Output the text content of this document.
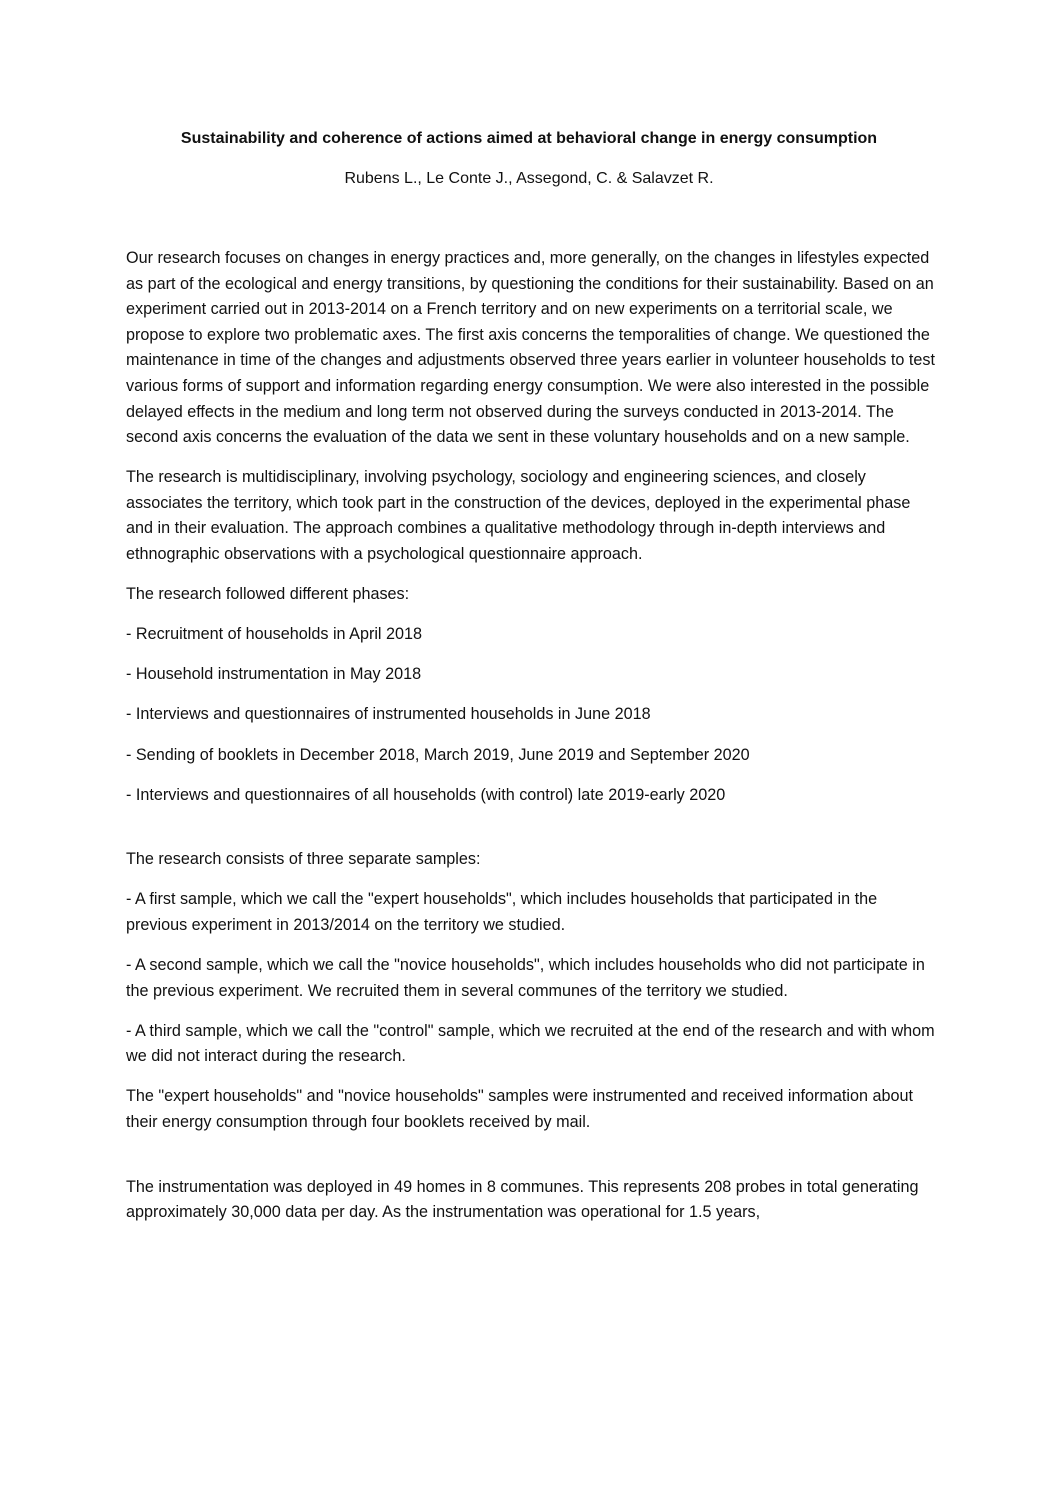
Sustainability and coherence of actions aimed at behavioral change in energy consumption

Rubens L., Le Conte J., Assegond, C. & Salavzet R.

Our research focuses on changes in energy practices and, more generally, on the changes in lifestyles expected as part of the ecological and energy transitions, by questioning the conditions for their sustainability. Based on an experiment carried out in 2013-2014 on a French territory and on new experiments on a territorial scale, we propose to explore two problematic axes. The first axis concerns the temporalities of change. We questioned the maintenance in time of the changes and adjustments observed three years earlier in volunteer households to test various forms of support and information regarding energy consumption. We were also interested in the possible delayed effects in the medium and long term not observed during the surveys conducted in 2013-2014. The second axis concerns the evaluation of the data we sent in these voluntary households and on a new sample.

The research is multidisciplinary, involving psychology, sociology and engineering sciences, and closely associates the territory, which took part in the construction of the devices, deployed in the experimental phase and in their evaluation. The approach combines a qualitative methodology through in-depth interviews and ethnographic observations with a psychological questionnaire approach.

The research followed different phases:

- Recruitment of households in April 2018

- Household instrumentation in May 2018

- Interviews and questionnaires of instrumented households in June 2018

- Sending of booklets in December 2018, March 2019, June 2019 and September 2020

- Interviews and questionnaires of all households (with control) late 2019-early 2020

The research consists of three separate samples:

- A first sample, which we call the "expert households", which includes households that participated in the previous experiment in 2013/2014 on the territory we studied.

- A second sample, which we call the "novice households", which includes households who did not participate in the previous experiment. We recruited them in several communes of the territory we studied.

- A third sample, which we call the "control" sample, which we recruited at the end of the research and with whom we did not interact during the research.

The "expert households" and "novice households" samples were instrumented and received information about their energy consumption through four booklets received by mail.

The instrumentation was deployed in 49 homes in 8 communes. This represents 208 probes in total generating approximately 30,000 data per day. As the instrumentation was operational for 1.5 years,
